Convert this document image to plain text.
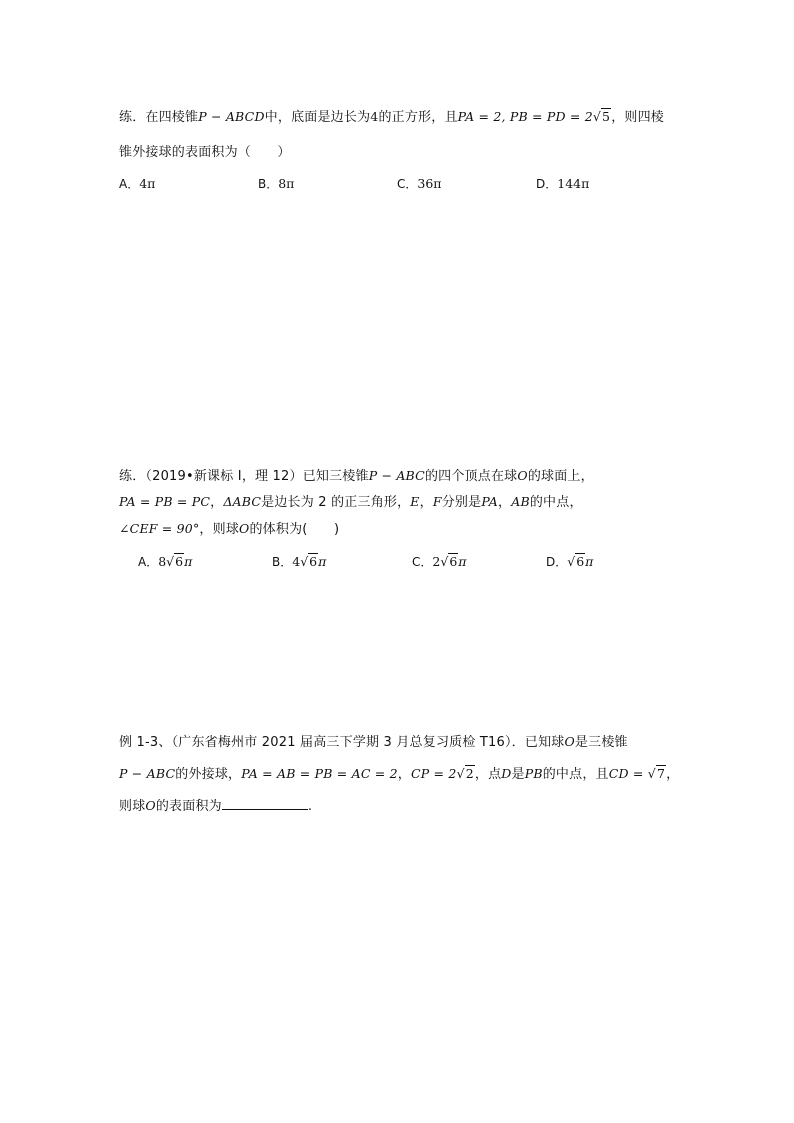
练．在四棱锥P − ABCD中，底面是边长为4的正方形，且PA = 2, PB = PD = 2√5，则四棱
锥外接球的表面积为（　　）
A．4π	B．8π	C．36π	D．144π
练．（2019•新课标 Ⅰ，理 12）已知三棱锥P − ABC的四个顶点在球O的球面上，
PA = PB = PC，ΔABC是边长为 2 的正三角形，E，F分别是PA，AB的中点，
∠CEF = 90°，则球O的体积为(　　)
A．8√6π	B．4√6π	C．2√6π	D．√6π
例 1-3、（广东省梅州市 2021 届高三下学期 3 月总复习质检 T16）．已知球O是三棱锥
P − ABC的外接球，PA = AB = PB = AC = 2，CP = 2√2，点D是PB的中点，且CD = √7，
则球O的表面积为	.
